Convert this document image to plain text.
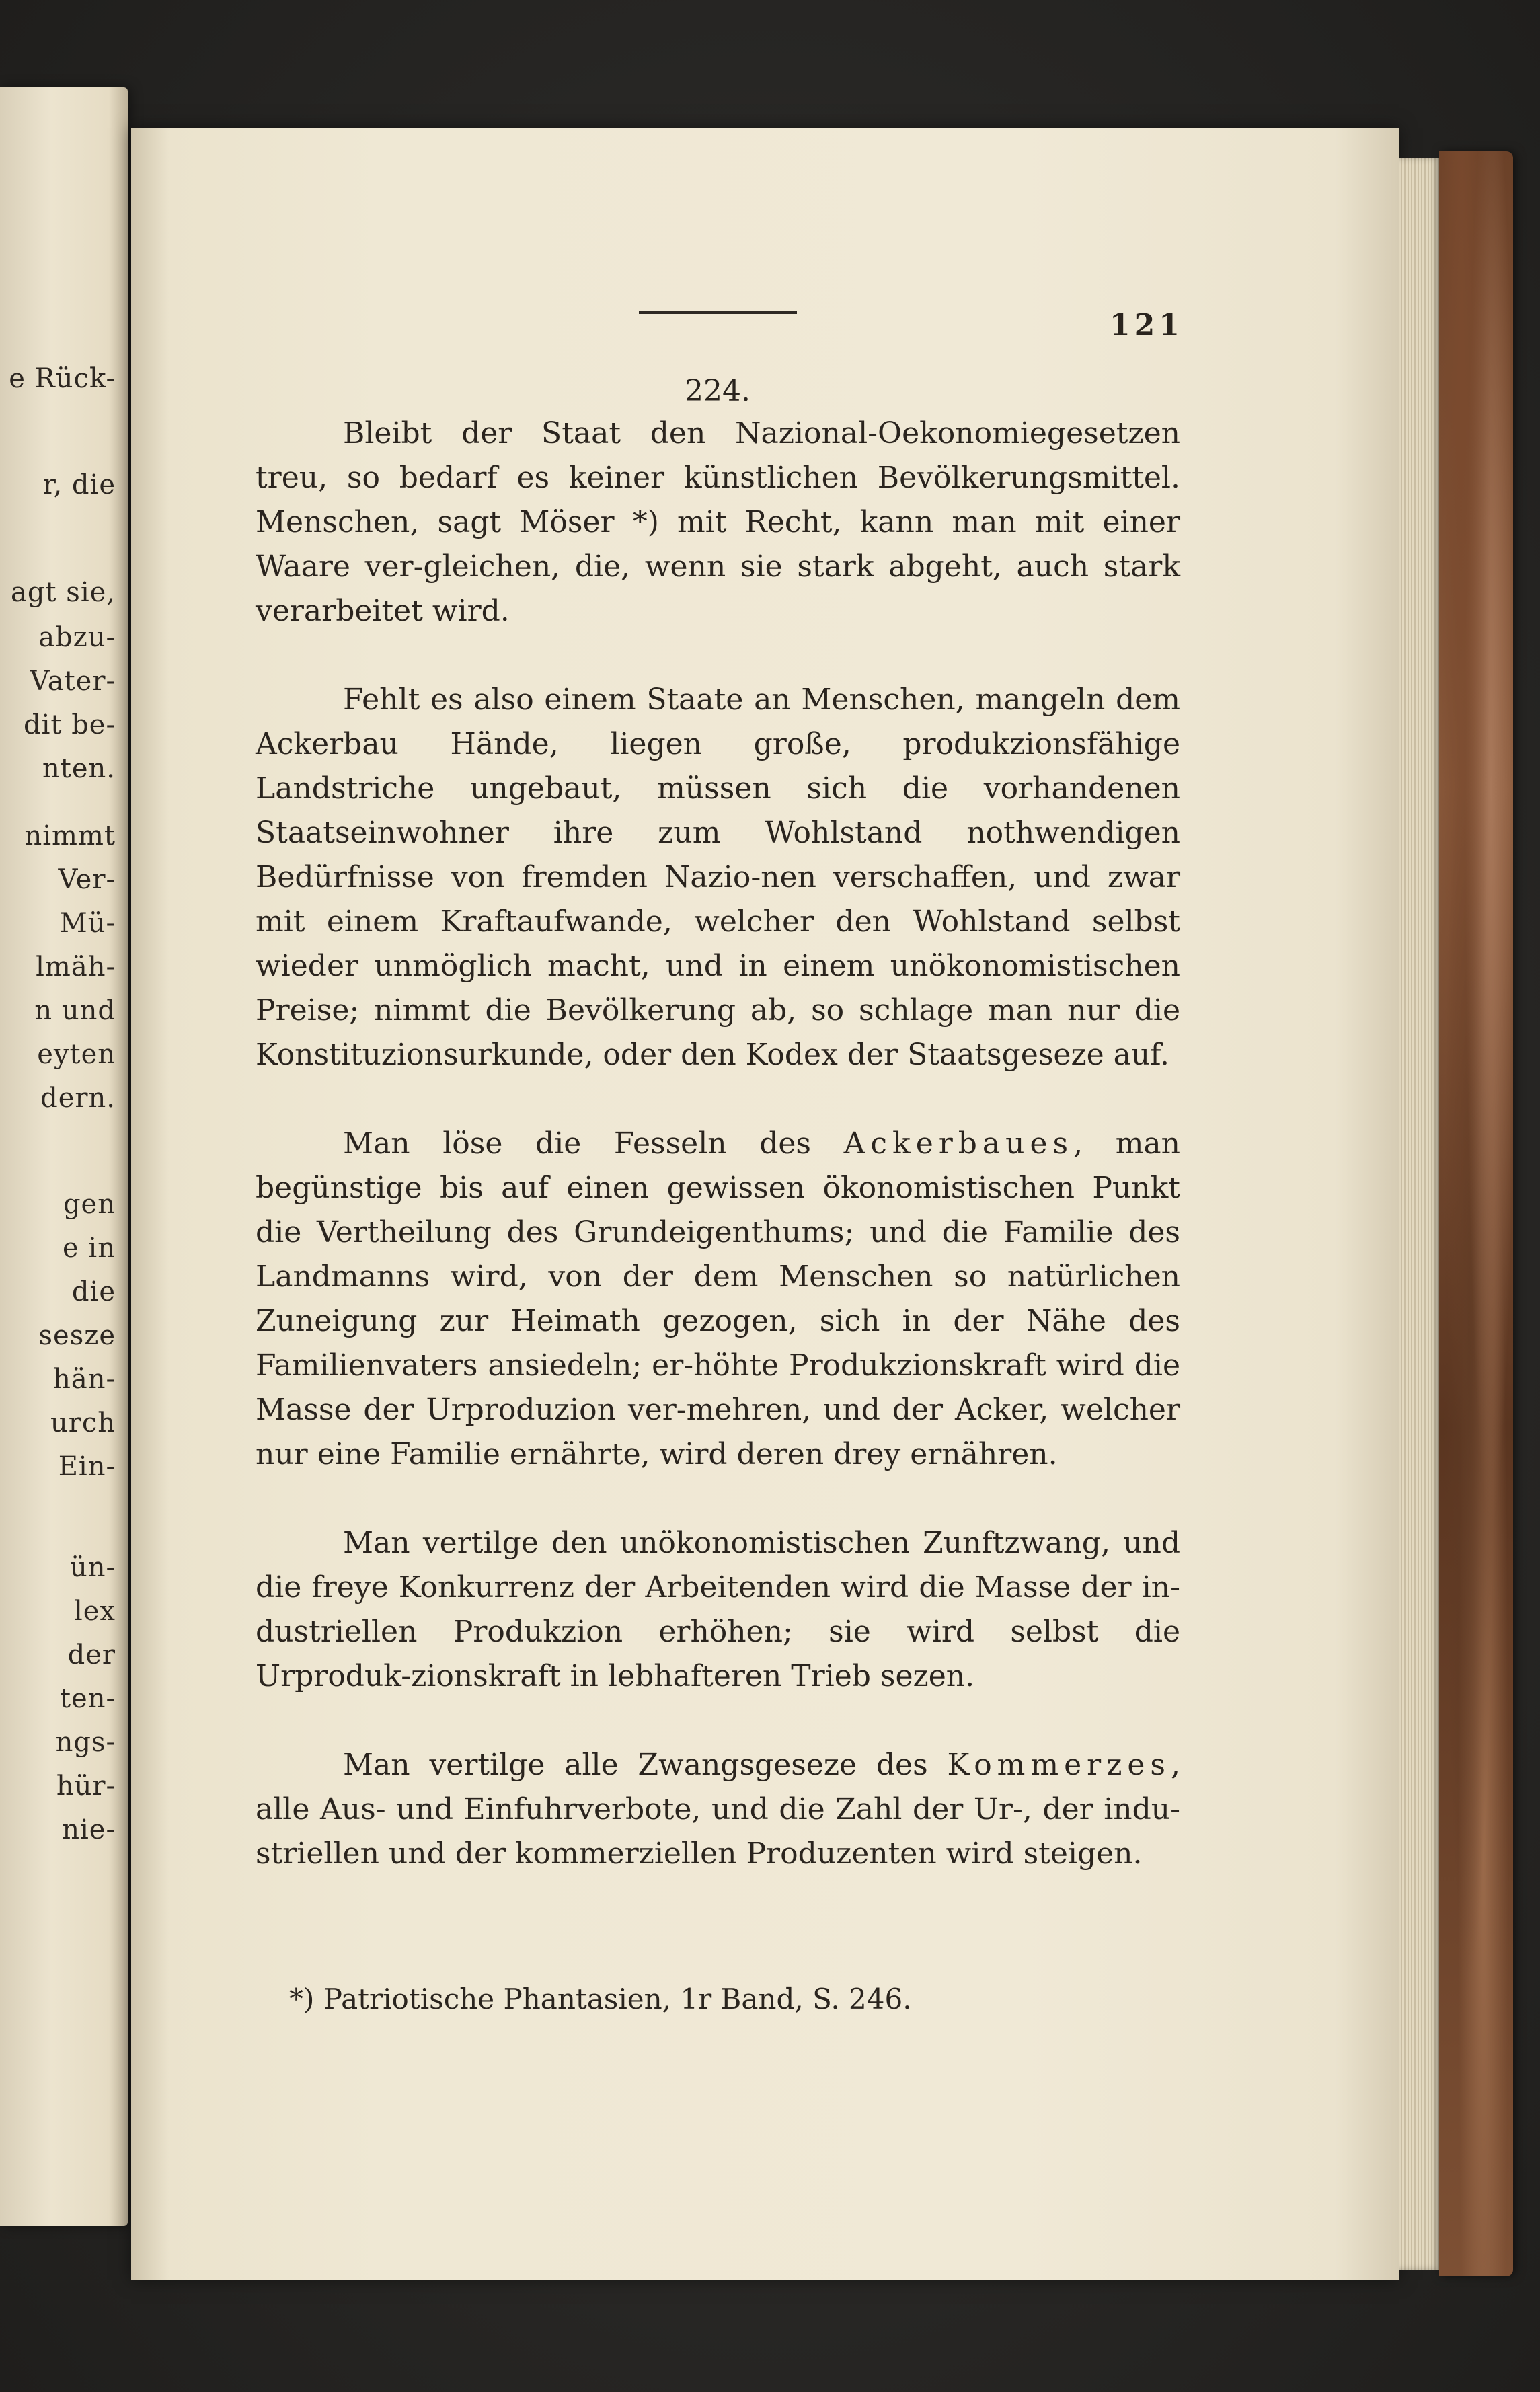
e Rück-
r, die
agt sie,
abzu-
Vater-
dit be-
nten.
nimmt
Ver-
Mü-
lmäh-
n und
eyten
dern.
gen
e in
die
sesze
hän-
urch
Ein-
ün-
lex
der
ten-
ngs-
hür-
nie-
121
224.

Bleibt der Staat den Nazional-Oekonomiegesetzen treu, so bedarf es keiner künstlichen Bevölkerungsmittel. Menschen, sagt Möser *) mit Recht, kann man mit einer Waare ver-gleichen, die, wenn sie stark abgeht, auch stark verarbeitet wird.

Fehlt es also einem Staate an Menschen, mangeln dem Ackerbau Hände, liegen große, produkzionsfähige Landstriche ungebaut, müssen sich die vorhandenen Staatseinwohner ihre zum Wohlstand nothwendigen Bedürfnisse von fremden Nazio-nen verschaffen, und zwar mit einem Kraftaufwande, welcher den Wohlstand selbst wieder unmöglich macht, und in einem unökonomistischen Preise; nimmt die Bevölkerung ab, so schlage man nur die Konstituzionsurkunde, oder den Kodex der Staatsgeseze auf.

Man löse die Fesseln des Ackerbaues, man begünstige bis auf einen gewissen ökonomistischen Punkt die Vertheilung des Grundeigenthums; und die Familie des Landmanns wird, von der dem Menschen so natürlichen Zuneigung zur Heimath gezogen, sich in der Nähe des Familienvaters ansiedeln; er-höhte Produkzionskraft wird die Masse der Urproduzion ver-mehren, und der Acker, welcher nur eine Familie ernährte, wird deren drey ernähren.

Man vertilge den unökonomistischen Zunftzwang, und die freye Konkurrenz der Arbeitenden wird die Masse der in-dustriellen Produkzion erhöhen; sie wird selbst die Urproduk-zionskraft in lebhafteren Trieb sezen.

Man vertilge alle Zwangsgeseze des Kommerzes, alle Aus- und Einfuhrverbote, und die Zahl der Ur-, der indu-striellen und der kommerziellen Produzenten wird steigen.

*) Patriotische Phantasien, 1r Band, S. 246.
